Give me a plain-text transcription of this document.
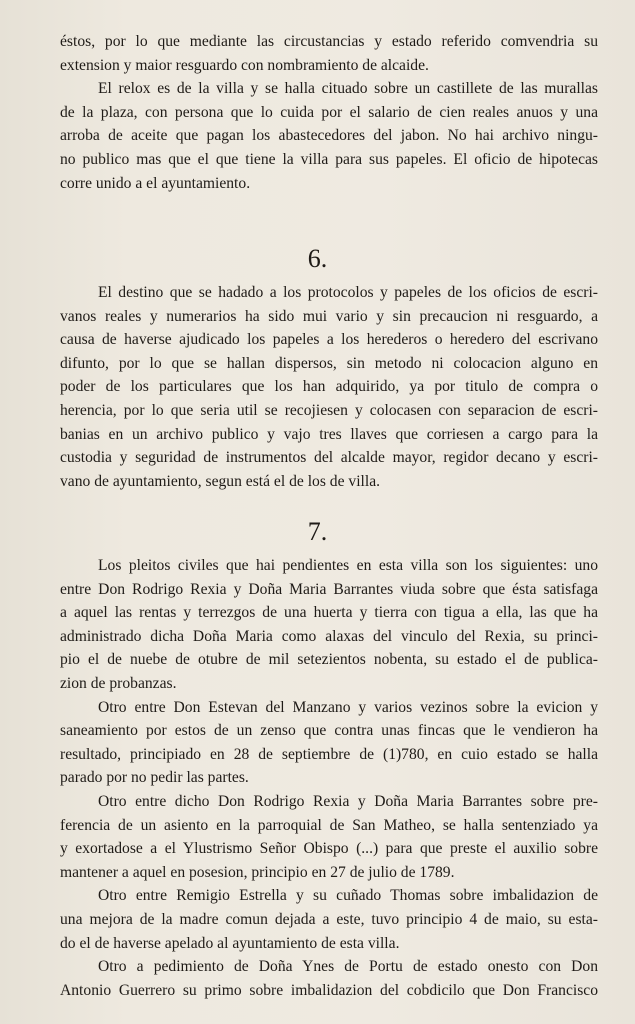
éstos, por lo que mediante las circustancias y estado referido comvendria su
extension y maior resguardo con nombramiento de alcaide.
El relox es de la villa y se halla cituado sobre un castillete de las murallas
de la plaza, con persona que lo cuida por el salario de cien reales anuos y una
arroba de aceite que pagan los abastecedores del jabon. No hai archivo ningu-
no publico mas que el que tiene la villa para sus papeles. El oficio de hipotecas
corre unido a el ayuntamiento.
6.
El destino que se hadado a los protocolos y papeles de los oficios de escri-
vanos reales y numerarios ha sido mui vario y sin precaucion ni resguardo, a
causa de haverse ajudicado los papeles a los herederos o heredero del escrivano
difunto, por lo que se hallan dispersos, sin metodo ni colocacion alguno en
poder de los particulares que los han adquirido, ya por titulo de compra o
herencia, por lo que seria util se recojiesen y colocasen con separacion de escri-
banias en un archivo publico y vajo tres llaves que corriesen a cargo para la
custodia y seguridad de instrumentos del alcalde mayor, regidor decano y escri-
vano de ayuntamiento, segun está el de los de villa.
7.
Los pleitos civiles que hai pendientes en esta villa son los siguientes: uno
entre Don Rodrigo Rexia y Doña Maria Barrantes viuda sobre que ésta satisfaga
a aquel las rentas y terrezgos de una huerta y tierra con tigua a ella, las que ha
administrado dicha Doña Maria como alaxas del vinculo del Rexia, su princi-
pio el de nuebe de otubre de mil setezientos nobenta, su estado el de publica-
zion de probanzas.
Otro entre Don Estevan del Manzano y varios vezinos sobre la evicion y
saneamiento por estos de un zenso que contra unas fincas que le vendieron ha
resultado, principiado en 28 de septiembre de (1)780, en cuio estado se halla
parado por no pedir las partes.
Otro entre dicho Don Rodrigo Rexia y Doña Maria Barrantes sobre pre-
ferencia de un asiento en la parroquial de San Matheo, se halla sentenziado ya
y exortadose a el Ylustrismo Señor Obispo (...) para que preste el auxilio sobre
mantener a aquel en posesion, principio en 27 de julio de 1789.
Otro entre Remigio Estrella y su cuñado Thomas sobre imbalidazion de
una mejora de la madre comun dejada a este, tuvo principio 4 de maio, su esta-
do el de haverse apelado al ayuntamiento de esta villa.
Otro a pedimiento de Doña Ynes de Portu de estado onesto con Don
Antonio Guerrero su primo sobre imbalidazion del cobdicilo que Don Francisco
